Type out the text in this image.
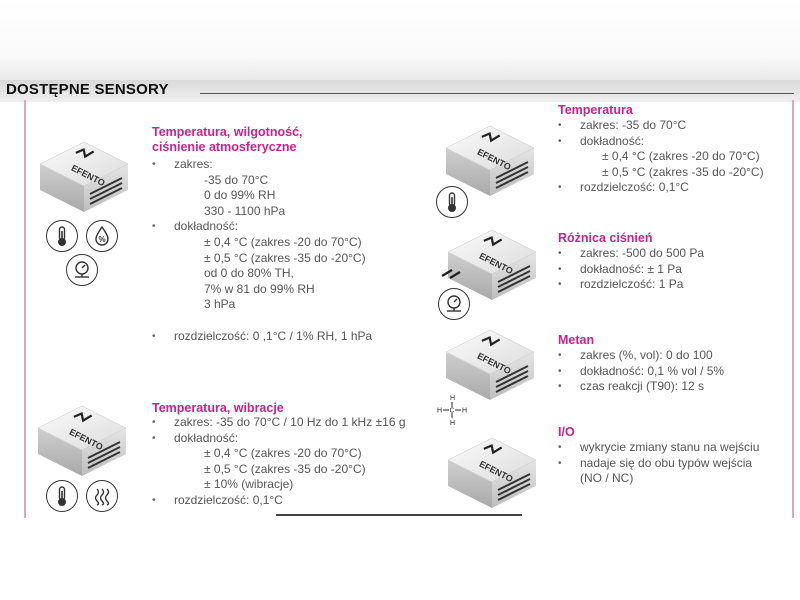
DOSTĘPNE SENSORY
EFENTO
%
Temperatura, wilgotność,
ciśnienie atmosferyczne
• zakres:
-35 do 70°C
0 do 99% RH
330 - 1100 hPa
• dokładność:
± 0,4 °C (zakres -20 do 70°C)
± 0,5 °C (zakres -35 do -20°C)
od 0 do 80% TH,
7% w 81 do 99% RH
3 hPa
• rozdzielczość: 0 ,1°C / 1% RH, 1 hPa
EFENTO
Temperatura, wibracje
• zakres: -35 do 70°C / 10 Hz do 1 kHz ±16 g
• dokładność:
± 0,4 °C (zakres -20 do 70°C)
± 0,5 °C (zakres -35 do -20°C)
± 10% (wibracje)
• rozdzielczość: 0,1°C
EFENTO
Temperatura
• zakres: -35 do 70°C
• dokładność:
± 0,4 °C (zakres -20 do 70°C)
± 0,5 °C (zakres -35 do -20°C)
• rozdzielczość: 0,1°C
EFENTO
Różnica ciśnień
• zakres: -500 do 500 Pa
• dokładność: ± 1 Pa
• rozdzielczość: 1 Pa
EFENTO
H
H
H	H
C
Metan
• zakres (%, vol): 0 do 100
• dokładność: 0,1 % vol / 5%
• czas reakcji (T90): 12 s
EFENTO
I/O
• wykrycie zmiany stanu na wejściu
• nadaje się do obu typów wejścia
(NO / NC)
